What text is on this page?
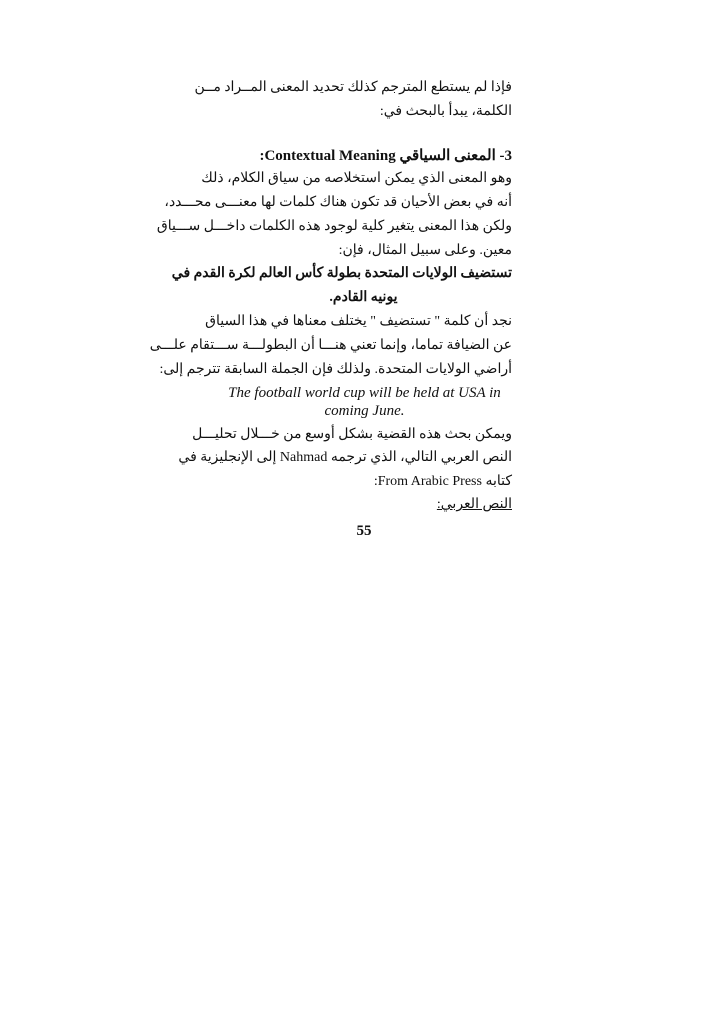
فإذا لم يستطع المترجم كذلك تحديد المعنى المــراد مــن
الكلمة، يبدأ بالبحث في:
3- المعنى السياقي Contextual Meaning:
وهو المعنى الذي يمكن استخلاصه من سياق الكلام، ذلك
أنه في بعض الأحيان قد تكون هناك كلمات لها معنـــى محـــدد،
ولكن هذا المعنى يتغير كلية لوجود هذه الكلمات داخـــل ســـياق
معين. وعلى سبيل المثال، فإن:
تستضيف الولايات المتحدة بطولة كأس العالم لكرة القدم في
يونيه القادم.
نجد أن كلمة " تستضيف " يختلف معناها في هذا السياق
عن الضيافة تماما، وإنما تعني هنـــا أن البطولـــة ســـتقام علـــى
أراضي الولايات المتحدة. ولذلك فإن الجملة السابقة تترجم إلى:
The football world cup will be held at USA in
coming June.
ويمكن بحث هذه القضية بشكل أوسع من خـــلال تحليـــل
النص العربي التالي، الذي ترجمه Nahmad إلى الإنجليزية في
كتابه From Arabic Press:
النص العربي:
55
